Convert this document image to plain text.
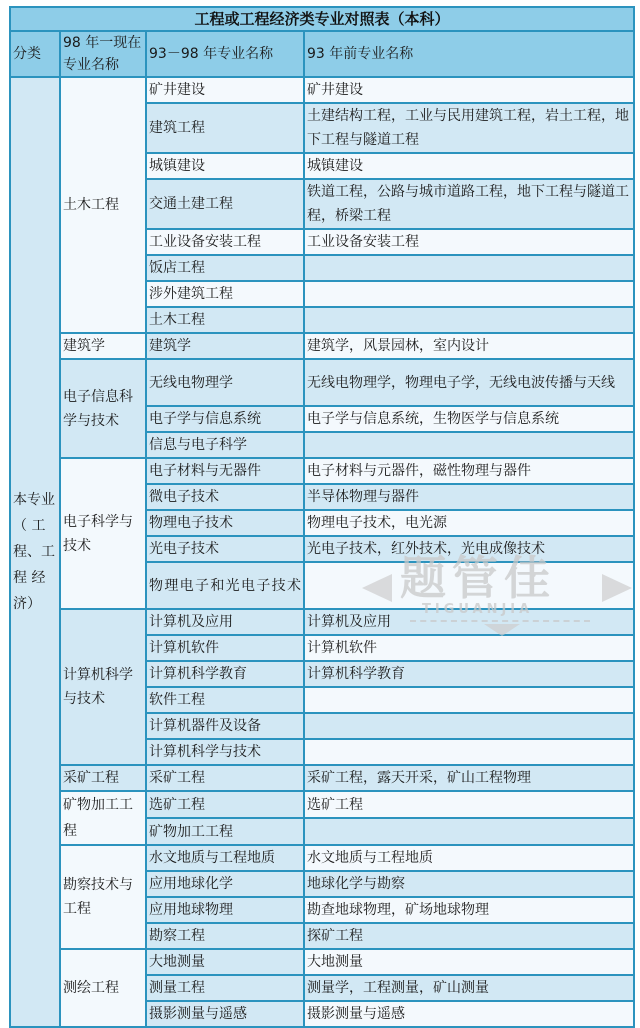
工程或工程经济类专业对照表（本科）			
分类	98 年一现在专业名称	93－98 年专业名称	93 年前专业名称
本专业（ 工程、工程 经济）	土木工程	矿井建设	矿井建设
		建筑工程	土建结构工程，工业与民用建筑工程，岩土工程，地下工程与隧道工程
		城镇建设	城镇建设
		交通土建工程	铁道工程，公路与城市道路工程，地下工程与隧道工程，桥梁工程
		工业设备安装工程	工业设备安装工程
		饭店工程	
		涉外建筑工程	
		土木工程	
	建筑学	建筑学	建筑学，风景园林，室内设计
	电子信息科学与技术	无线电物理学	无线电物理学，物理电子学，无线电波传播与天线
		电子学与信息系统	电子学与信息系统，生物医学与信息系统
		信息与电子科学	
	电子科学与技术	电子材料与无器件	电子材料与元器件，磁性物理与器件
		微电子技术	半导体物理与器件
		物理电子技术	物理电子技术，电光源
		光电子技术	光电子技术，红外技术，光电成像技术
		物理电子和光电子技术	
	计算机科学与技术	计算机及应用	计算机及应用
		计算机软件	计算机软件
		计算机科学教育	计算机科学教育
		软件工程	
		计算机器件及设备	
		计算机科学与技术	
	采矿工程	采矿工程	采矿工程，露天开采，矿山工程物理
	矿物加工工程	选矿工程	选矿工程
		矿物加工工程	
	勘察技术与工程	水文地质与工程地质	水文地质与工程地质
		应用地球化学	地球化学与勘察
		应用地球物理	勘查地球物理，矿场地球物理
		勘察工程	探矿工程
	测绘工程	大地测量	大地测量
		测量工程	测量学，工程测量，矿山测量
		摄影测量与遥感	摄影测量与遥感
题管佳
TIGUANJIA
